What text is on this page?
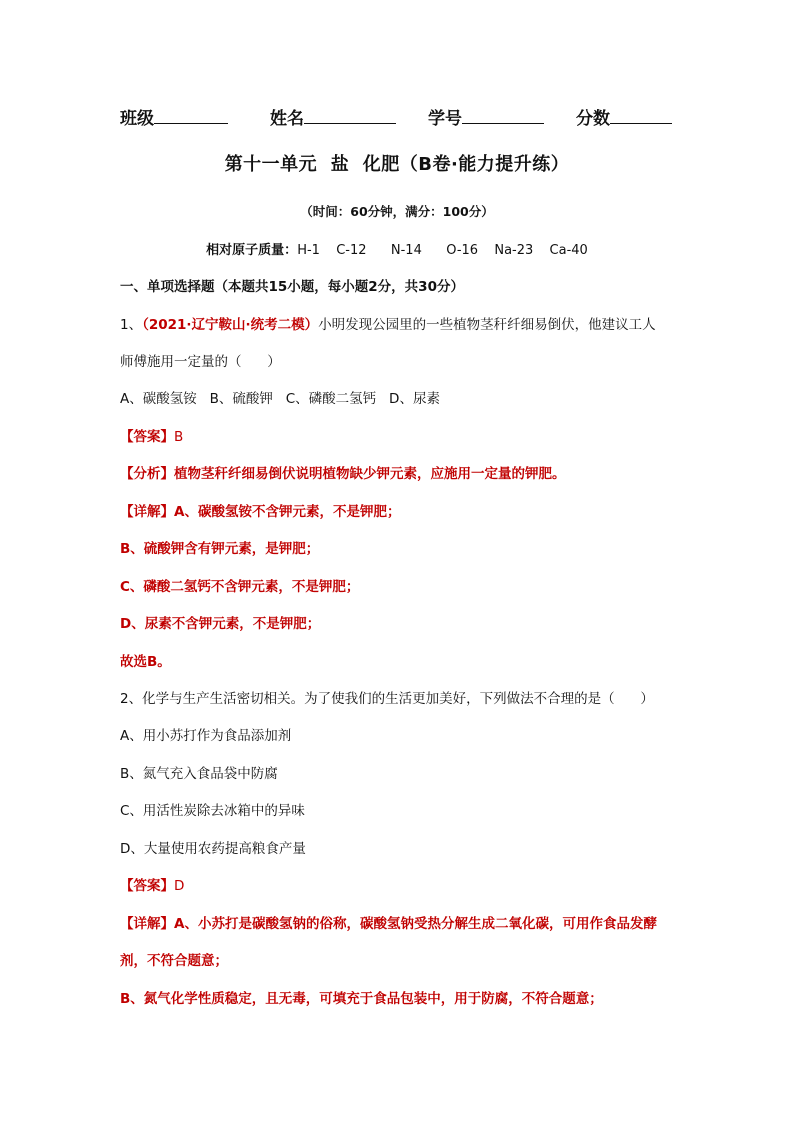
班级	姓名	学号	分数
第十一单元  盐  化肥（B卷·能力提升练）
（时间：60分钟，满分：100分）
相对原子质量：H-1  C-12   N-14   O-16  Na-23  Ca-40
一、单项选择题（本题共15小题，每小题2分，共30分）
1、（2021·辽宁鞍山·统考二模）小明发现公园里的一些植物茎秆纤细易倒伏，他建议工人
师傅施用一定量的（      ）
A、碳酸氢铵   B、硫酸钾   C、磷酸二氢钙   D、尿素
【答案】B
【分析】植物茎秆纤细易倒伏说明植物缺少钾元素，应施用一定量的钾肥。
【详解】A、碳酸氢铵不含钾元素，不是钾肥；
B、硫酸钾含有钾元素，是钾肥；
C、磷酸二氢钙不含钾元素，不是钾肥；
D、尿素不含钾元素，不是钾肥；
故选B。
2、化学与生产生活密切相关。为了使我们的生活更加美好，下列做法不合理的是（      ）
A、用小苏打作为食品添加剂
B、氮气充入食品袋中防腐
C、用活性炭除去冰箱中的异味
D、大量使用农药提高粮食产量
【答案】D
【详解】A、小苏打是碳酸氢钠的俗称，碳酸氢钠受热分解生成二氧化碳，可用作食品发酵
剂，不符合题意；
B、氮气化学性质稳定，且无毒，可填充于食品包装中，用于防腐，不符合题意；
